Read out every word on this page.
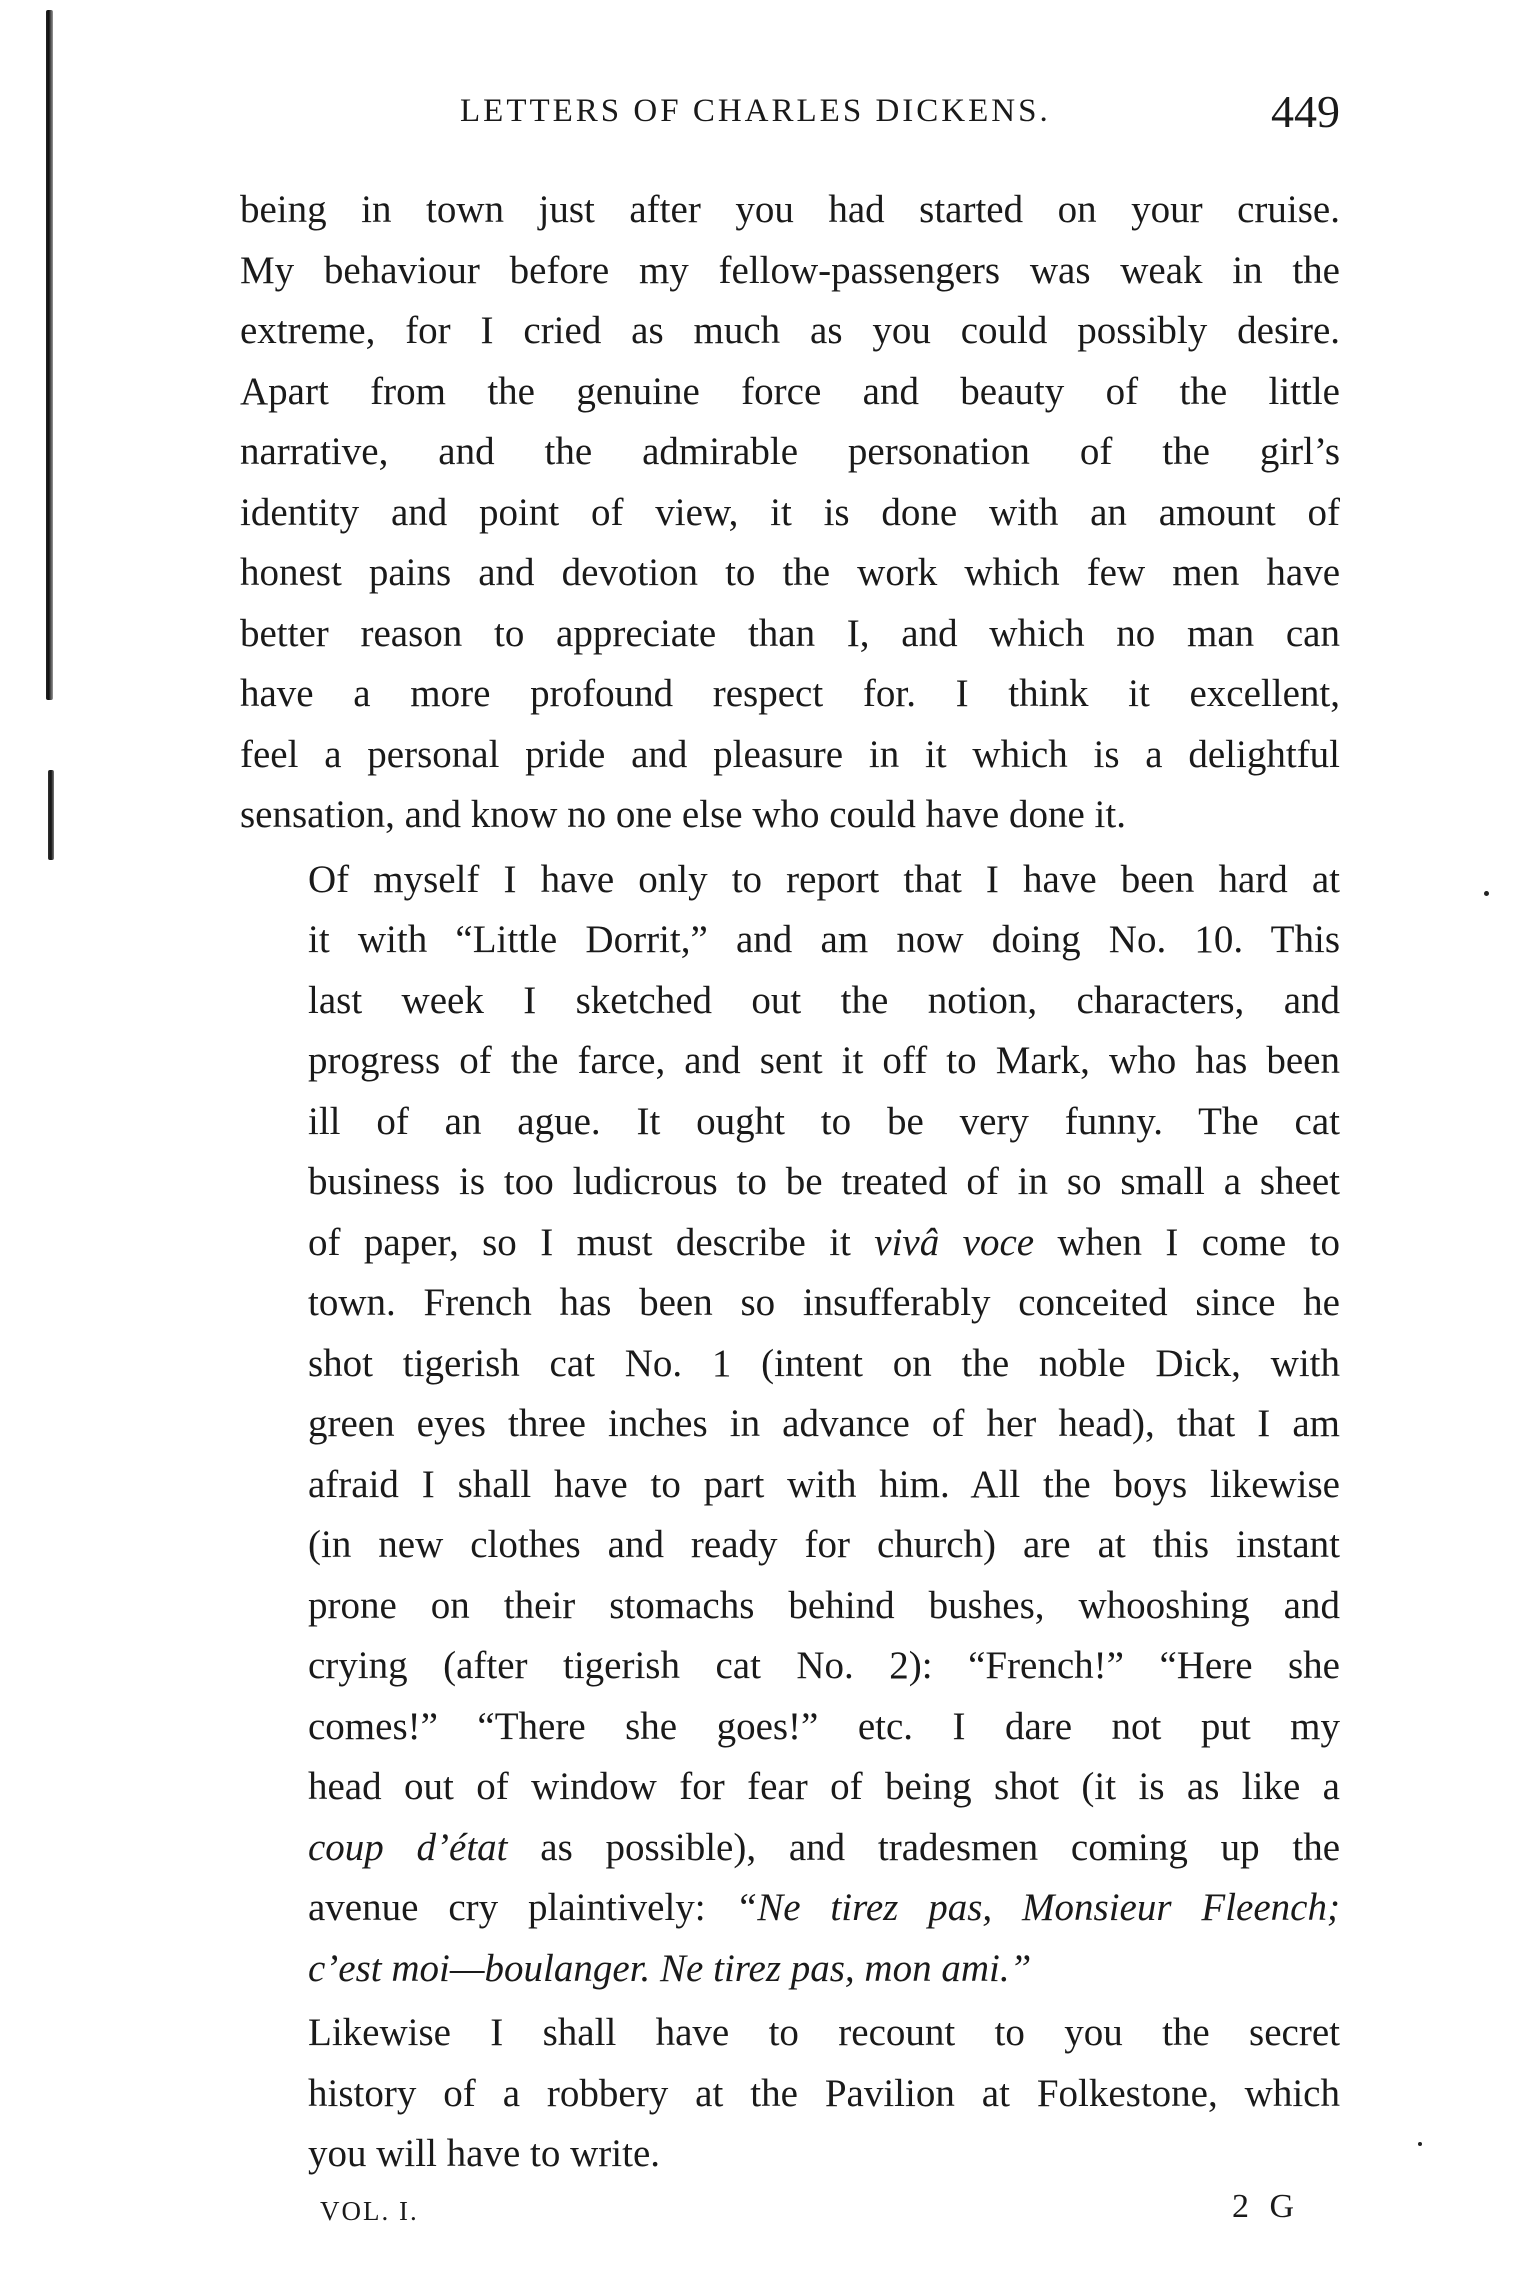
LETTERS OF CHARLES DICKENS.	449
being in town just after you had started on your cruise.
My behaviour before my fellow-passengers was weak in the
extreme, for I cried as much as you could possibly desire.
Apart from the genuine force and beauty of the little
narrative, and the admirable personation of the girl’s
identity and point of view, it is done with an amount of
honest pains and devotion to the work which few men have
better reason to appreciate than I, and which no man can
have a more profound respect for. I think it excellent,
feel a personal pride and pleasure in it which is a delightful
sensation, and know no one else who could have done it.
Of myself I have only to report that I have been hard at
it with “Little Dorrit,” and am now doing No. 10. This
last week I sketched out the notion, characters, and
progress of the farce, and sent it off to Mark, who has been
ill of an ague. It ought to be very funny. The cat
business is too ludicrous to be treated of in so small a sheet
of paper, so I must describe it vivâ voce when I come to
town. French has been so insufferably conceited since he
shot tigerish cat No. 1 (intent on the noble Dick, with
green eyes three inches in advance of her head), that I am
afraid I shall have to part with him. All the boys likewise
(in new clothes and ready for church) are at this instant
prone on their stomachs behind bushes, whooshing and
crying (after tigerish cat No. 2): “French!” “Here she
comes!” “There she goes!” etc. I dare not put my
head out of window for fear of being shot (it is as like a
coup d’état as possible), and tradesmen coming up the
avenue cry plaintively: “Ne tirez pas, Monsieur Fleench;
c’est moi—boulanger. Ne tirez pas, mon ami.”
Likewise I shall have to recount to you the secret
history of a robbery at the Pavilion at Folkestone, which
you will have to write.
VOL. I.	2 G
